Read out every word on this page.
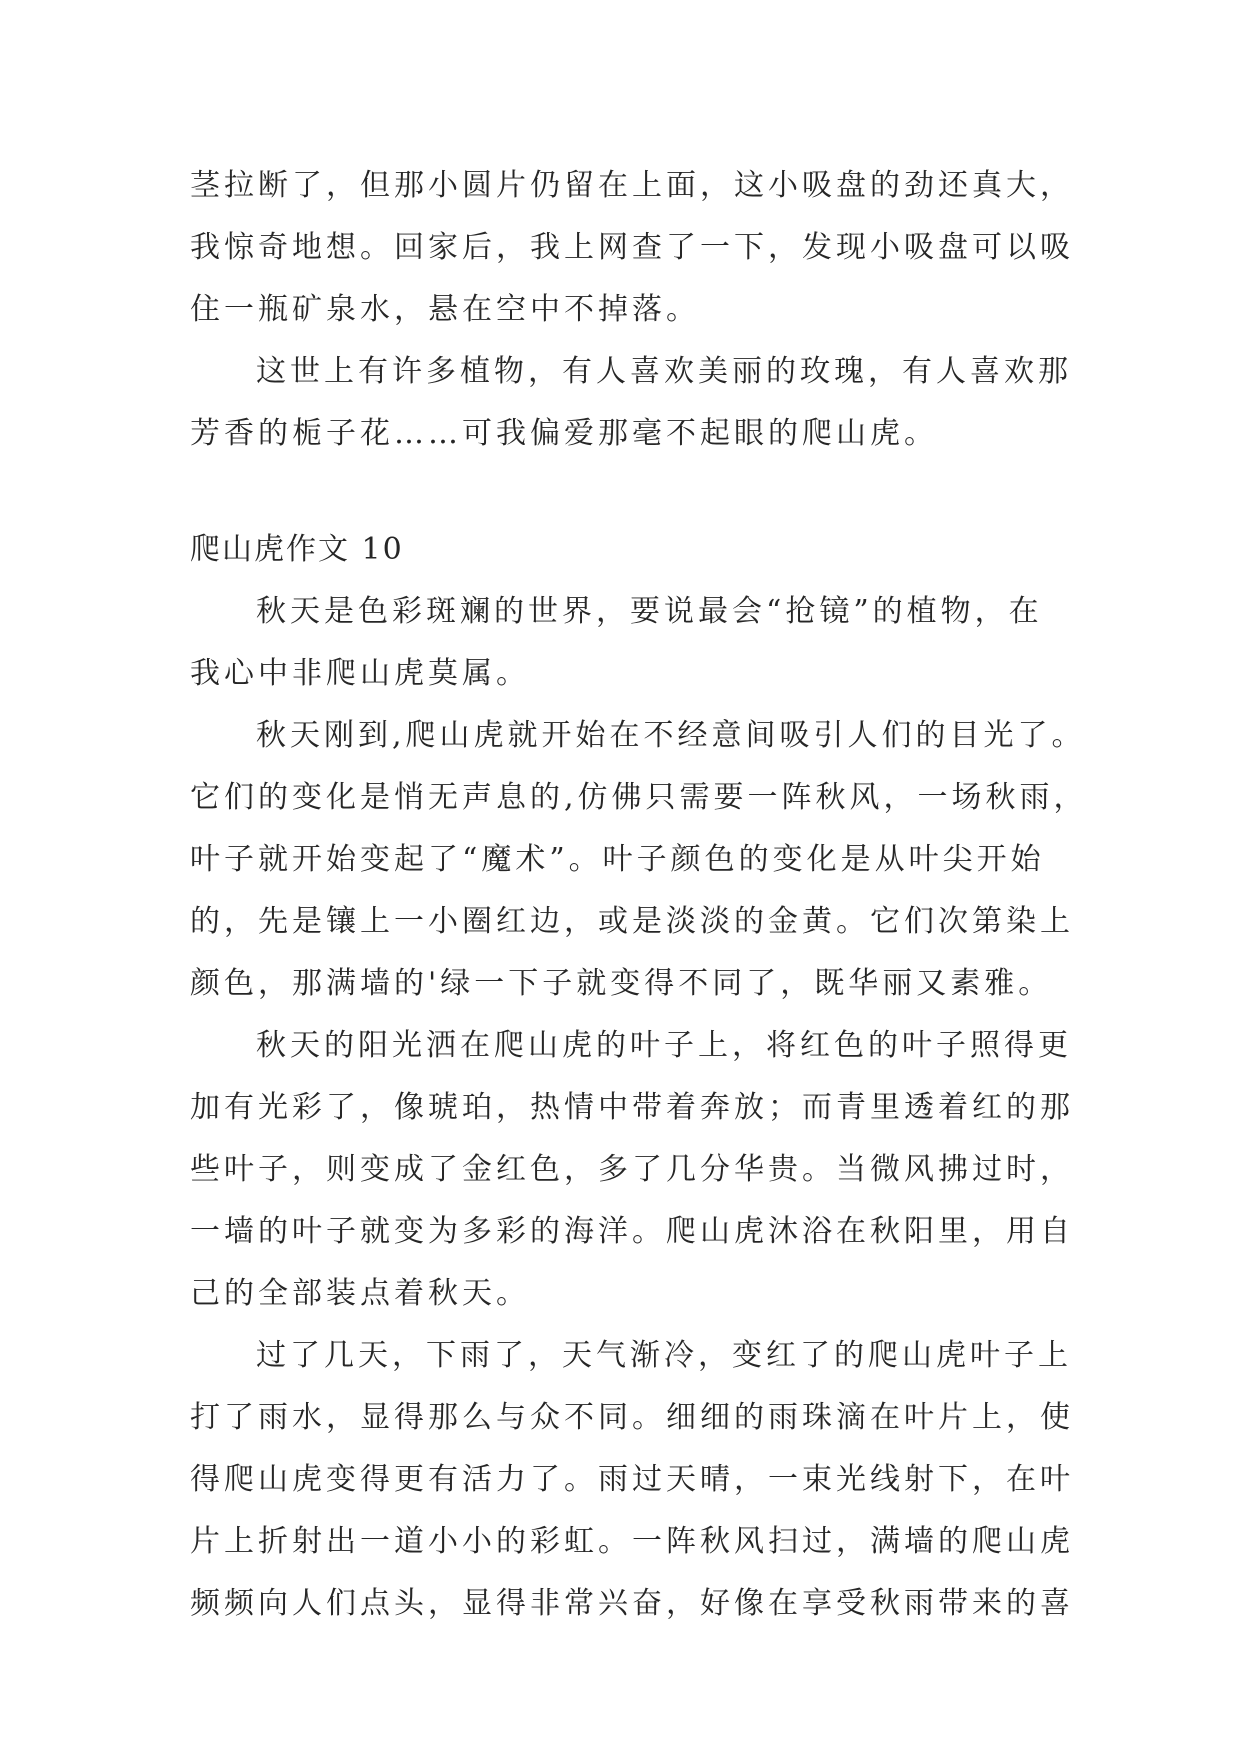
茎拉断了，但那小圆片仍留在上面，这小吸盘的劲还真大，
我惊奇地想。回家后，我上网查了一下，发现小吸盘可以吸
住一瓶矿泉水，悬在空中不掉落。
这世上有许多植物，有人喜欢美丽的玫瑰，有人喜欢那
芳香的栀子花……可我偏爱那毫不起眼的爬山虎。
爬山虎作文 10
秋天是色彩斑斓的世界，要说最会“抢镜”的植物，在
我心中非爬山虎莫属。
秋天刚到,爬山虎就开始在不经意间吸引人们的目光了。
它们的变化是悄无声息的,仿佛只需要一阵秋风，一场秋雨，
叶子就开始变起了“魔术”。叶子颜色的变化是从叶尖开始
的，先是镶上一小圈红边，或是淡淡的金黄。它们次第染上
颜色，那满墙的'绿一下子就变得不同了，既华丽又素雅。
秋天的阳光洒在爬山虎的叶子上，将红色的叶子照得更
加有光彩了，像琥珀，热情中带着奔放；而青里透着红的那
些叶子，则变成了金红色，多了几分华贵。当微风拂过时，
一墙的叶子就变为多彩的海洋。爬山虎沐浴在秋阳里，用自
己的全部装点着秋天。
过了几天，下雨了，天气渐冷，变红了的爬山虎叶子上
打了雨水，显得那么与众不同。细细的雨珠滴在叶片上，使
得爬山虎变得更有活力了。雨过天晴，一束光线射下，在叶
片上折射出一道小小的彩虹。一阵秋风扫过，满墙的爬山虎
频频向人们点头，显得非常兴奋，好像在享受秋雨带来的喜
